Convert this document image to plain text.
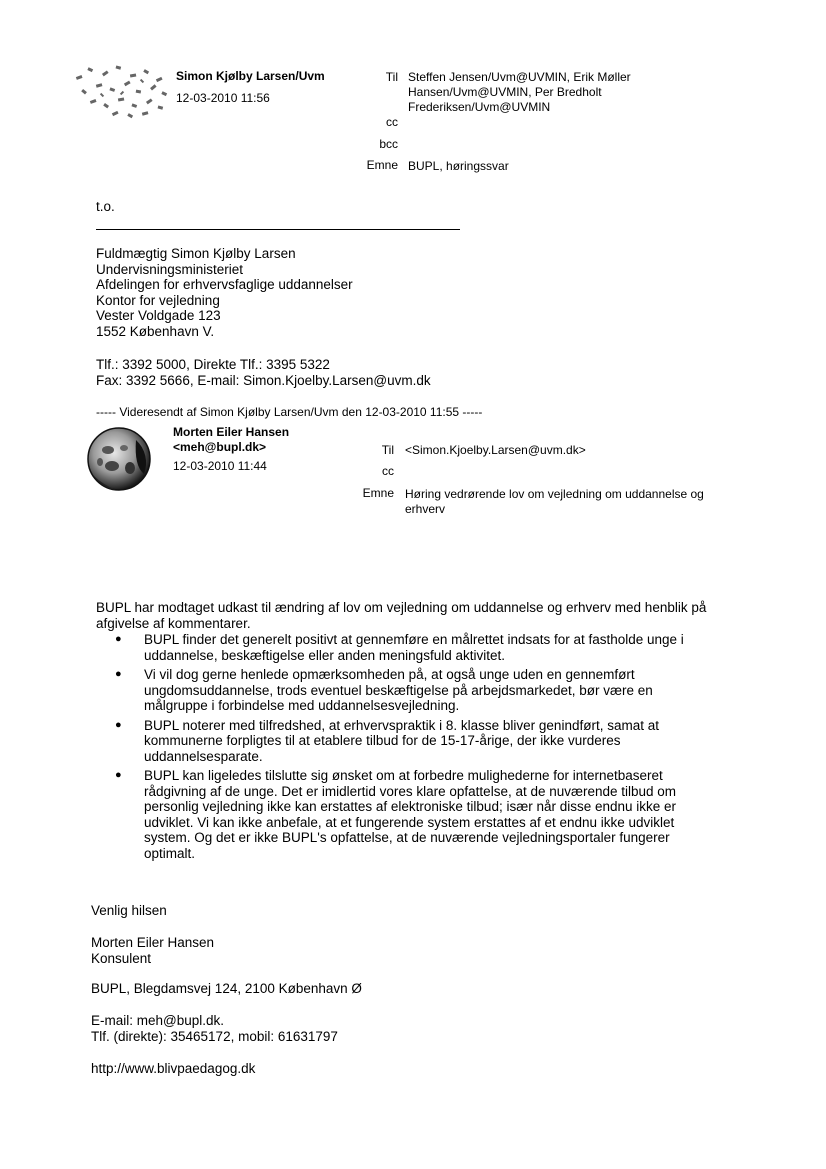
Simon Kjølby Larsen/Uvm
12-03-2010 11:56
Til Steffen Jensen/Uvm@UVMIN, Erik Møller
Hansen/Uvm@UVMIN, Per Bredholt
Frederiksen/Uvm@UVMIN
cc
bcc
Emne BUPL, høringssvar
t.o.
Fuldmægtig Simon Kjølby Larsen
Undervisningsministeriet
Afdelingen for erhvervsfaglige uddannelser
Kontor for vejledning
Vester Voldgade 123
1552 København V.
Tlf.: 3392 5000, Direkte Tlf.: 3395 5322
Fax: 3392 5666, E-mail: Simon.Kjoelby.Larsen@uvm.dk
----- Videresendt af Simon Kjølby Larsen/Uvm den 12-03-2010 11:55 -----
Morten Eiler Hansen
<meh@bupl.dk>
12-03-2010 11:44
Til <Simon.Kjoelby.Larsen@uvm.dk>
cc
Emne Høring vedrørende lov om vejledning om uddannelse og
erhverv
BUPL har modtaget udkast til ændring af lov om vejledning om uddannelse og erhverv med henblik på
afgivelse af kommentarer.
● BUPL finder det generelt positivt at gennemføre en målrettet indsats for at fastholde unge i
uddannelse, beskæftigelse eller anden meningsfuld aktivitet.
● Vi vil dog gerne henlede opmærksomheden på, at også unge uden en gennemført
ungdomsuddannelse, trods eventuel beskæftigelse på arbejdsmarkedet, bør være en
målgruppe i forbindelse med uddannelsesvejledning.
● BUPL noterer med tilfredshed, at erhvervspraktik i 8. klasse bliver genindført, samat at
kommunerne forpligtes til at etablere tilbud for de 15-17-årige, der ikke vurderes
uddannelsesparate.
● BUPL kan ligeledes tilslutte sig ønsket om at forbedre mulighederne for internetbaseret
rådgivning af de unge. Det er imidlertid vores klare opfattelse, at de nuværende tilbud om
personlig vejledning ikke kan erstattes af elektroniske tilbud; især når disse endnu ikke er
udviklet. Vi kan ikke anbefale, at et fungerende system erstattes af et endnu ikke udviklet
system. Og det er ikke BUPL's opfattelse, at de nuværende vejledningsportaler fungerer
optimalt.
Venlig hilsen
Morten Eiler Hansen
Konsulent
BUPL, Blegdamsvej 124, 2100 København Ø
E-mail: meh@bupl.dk.
Tlf. (direkte): 35465172, mobil: 61631797
http://www.blivpaedagog.dk
